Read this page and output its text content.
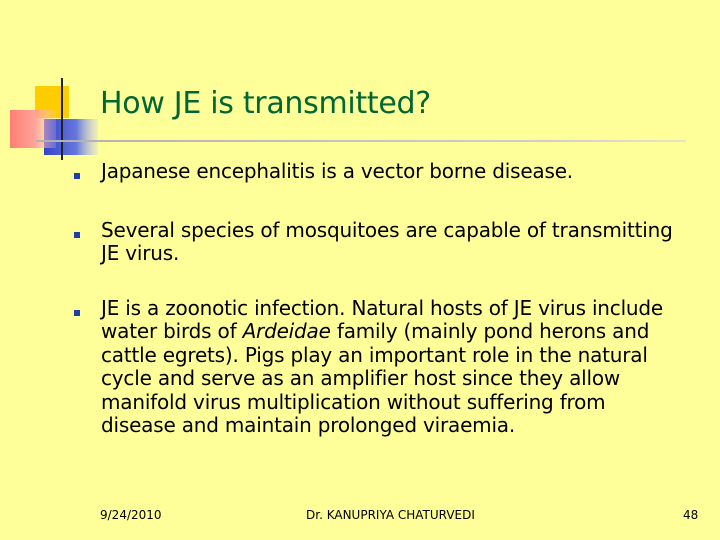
How JE is transmitted?
Japanese encephalitis is a vector borne disease.
Several species of mosquitoes are capable of transmitting JE virus.
JE is a zoonotic infection. Natural hosts of JE virus include water birds of Ardeidae family (mainly pond herons and cattle egrets). Pigs play an important role in the natural cycle and serve as an amplifier host since they allow manifold virus multiplication without suffering from disease and maintain prolonged viraemia.
9/24/2010	Dr. KANUPRIYA CHATURVEDI	48
